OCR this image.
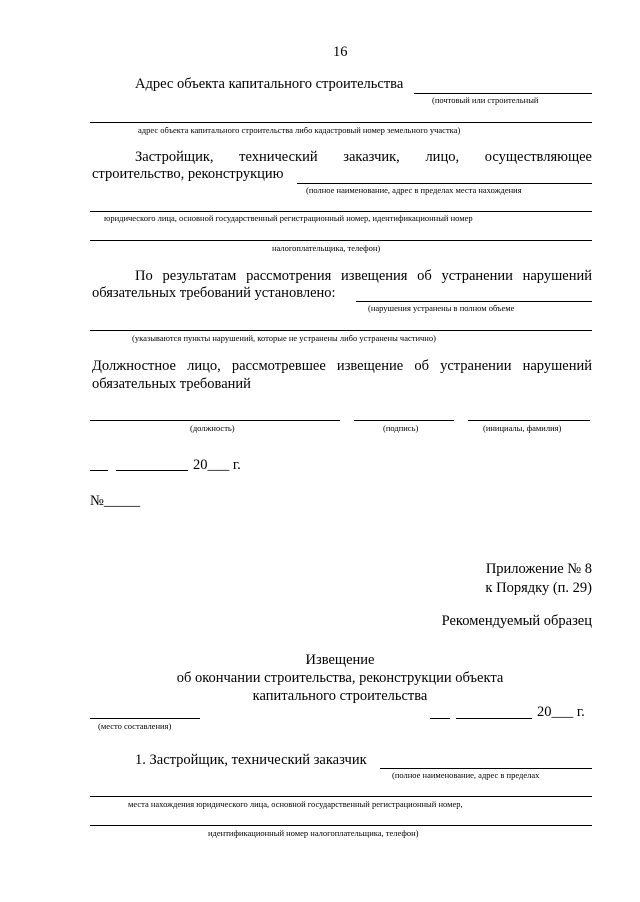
16
Адрес объекта капитального строительства
(почтовый или строительный
адрес объекта капитального строительства либо кадастровый номер земельного участка)
Застройщик, технический заказчик, лицо, осуществляющее
строительство, реконструкцию
(полное наименование, адрес в пределах места нахождения
юридического лица, основной государственный регистрационный номер, идентификационный номер
налогоплательщика, телефон)
По результатам рассмотрения извещения об устранении нарушений
обязательных требований установлено:
(нарушения устранены в полном объеме
(указываются пункты нарушений, которые не устранены либо устранены частично)
Должностное лицо, рассмотревшее извещение об устранении нарушений
обязательных требований
(должность)	(подпись)	(инициалы, фамилия)
20___ г.
№_____
Приложение № 8
к Порядку (п. 29)
Рекомендуемый образец
Извещение
об окончании строительства, реконструкции объекта
капитального строительства
(место составления)
20___ г.
1. Застройщик, технический заказчик
(полное наименование, адрес в пределах
места нахождения юридического лица, основной государственный регистрационный номер,
идентификационный номер налогоплательщика, телефон)
